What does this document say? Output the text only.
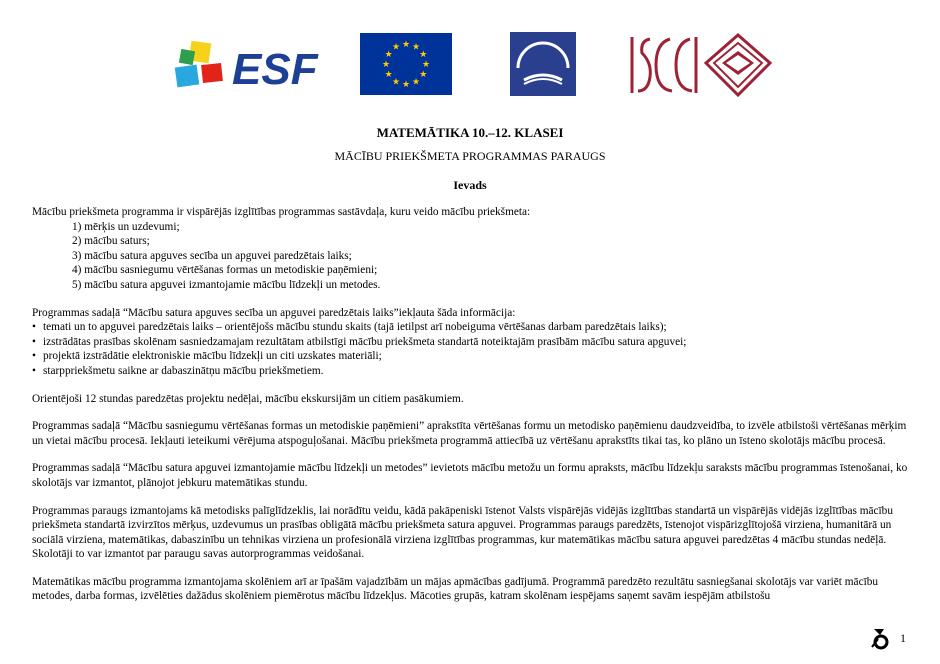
ESF	★ ★
★
★
★
★
★
★
★
★
★
★
MATEMĀTIKA 10.–12. KLASEI
MĀCĪBU PRIEKŠMETA PROGRAMMAS PARAUGS
Ievads

Mācību priekšmeta programma ir vispārējās izglītības programmas sastāvdaļa, kuru veido mācību priekšmeta:

1) mērķis un uzdevumi;
2) mācību saturs;
3) mācību satura apguves secība un apguvei paredzētais laiks;
4) mācību sasniegumu vērtēšanas formas un metodiskie paņēmieni;
5) mācību satura apguvei izmantojamie mācību līdzekļi un metodes.

Programmas sadaļā “Mācību satura apguves secība un apguvei paredzētais laiks”iekļauta šāda informācija:

• temati un to apguvei paredzētais laiks – orientējošs mācību stundu skaits (tajā ietilpst arī nobeiguma vērtēšanas darbam paredzētais laiks);
• izstrādātas prasības skolēnam sasniedzamajam rezultātam atbilstīgi mācību priekšmeta standartā noteiktajām prasībām mācību satura apguvei;
• projektā izstrādātie elektroniskie mācību līdzekļi un citi uzskates materiāli;
• starppriekšmetu saikne ar dabaszinātņu mācību priekšmetiem.

Orientējoši 12 stundas paredzētas projektu nedēļai, mācību ekskursijām un citiem pasākumiem.

Programmas sadaļā “Mācību sasniegumu vērtēšanas formas un metodiskie paņēmieni” aprakstīta vērtēšanas formu un metodisko paņēmienu daudzveidība, to izvēle atbilstoši vērtēšanas mērķim un vietai mācību procesā. Iekļauti ieteikumi vērējuma atspoguļošanai. Mācību priekšmeta programmā attiecībā uz vērtēšanu aprakstīts tikai tas, ko plāno un īsteno skolotājs mācību procesā.

Programmas sadaļā “Mācību satura apguvei izmantojamie mācību līdzekļi un metodes” ievietots mācību metožu un formu apraksts, mācību līdzekļu saraksts mācību programmas īstenošanai, ko skolotājs var izmantot, plānojot jebkuru matemātikas stundu.

Programmas paraugs izmantojams kā metodisks palīglīdzeklis, lai norādītu veidu, kādā pakāpeniski īstenot Valsts vispārējās vidējās izglītības standartā un vispārējās vidējās izglītības mācību priekšmeta standartā izvirzītos mērķus, uzdevumus un prasības obligātā mācību priekšmeta satura apguvei. Programmas paraugs paredzēts, īstenojot vispārizglītojošā virziena, humanitārā un sociālā virziena, matemātikas, dabaszinību un tehnikas virziena un profesionālā virziena izglītības programmas, kur matemātikas mācību satura apguvei paredzētas 4 mācību stundas nedēļā. Skolotāji to var izmantot par paraugu savas autorprogrammas veidošanai.

Matemātikas mācību programma izmantojama skolēniem arī ar īpašām vajadzībām un mājas apmācības gadījumā. Programmā paredzēto rezultātu sasniegšanai skolotājs var variēt mācību metodes, darba formas, izvēlēties dažādus skolēniem piemērotus mācību līdzekļus. Mācoties grupās, katram skolēnam iespējams saņemt savām iespējām atbilstošu

1
